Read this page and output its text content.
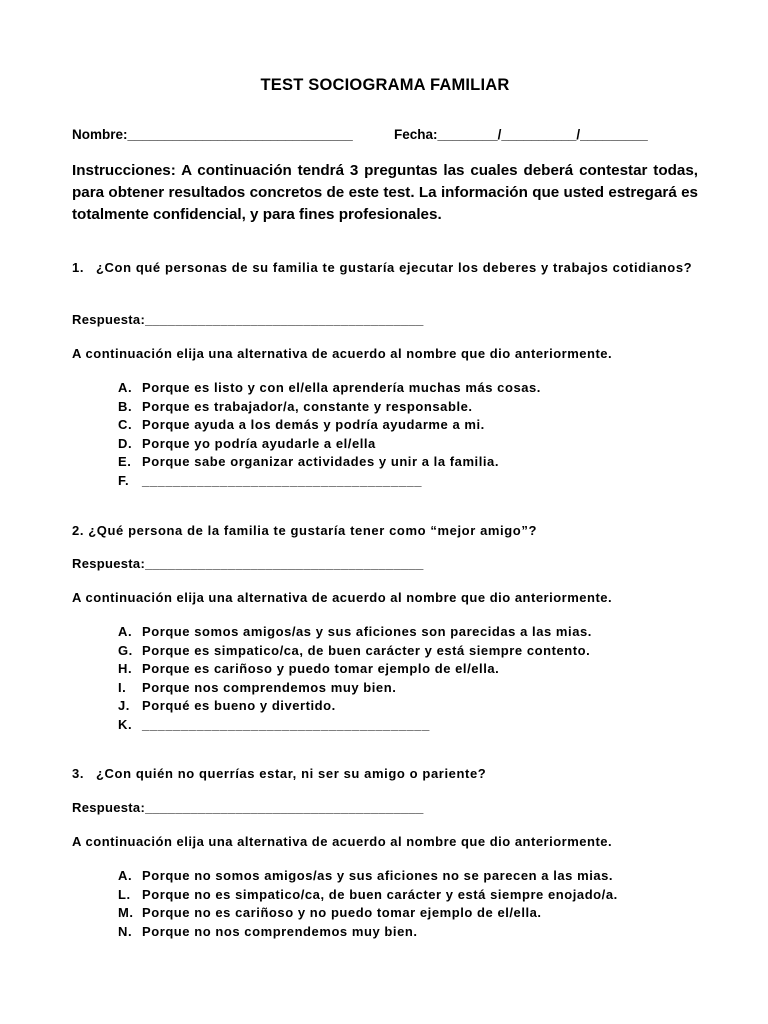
TEST SOCIOGRAMA FAMILIAR
Nombre:______________________________	Fecha:________/__________/_________
Instrucciones: A continuación tendrá 3 preguntas las cuales deberá contestar todas, para obtener resultados concretos de este test. La información que usted estregará es totalmente confidencial, y para fines profesionales.
1. ¿Con qué personas de su familia te gustaría ejecutar los deberes y trabajos cotidianos?
Respuesta:_____________________________________
A continuación elija una alternativa de acuerdo al nombre que dio anteriormente.
A. Porque es listo y con el/ella aprendería muchas más cosas.
B. Porque es trabajador/a, constante y responsable.
C. Porque ayuda a los demás y podría ayudarme a mi.
D. Porque yo podría ayudarle a el/ella
E. Porque sabe organizar actividades y unir a la familia.
F. ____________________________________
2. ¿Qué persona de la familia te gustaría tener como “mejor amigo”?
Respuesta:_____________________________________
A continuación elija una alternativa de acuerdo al nombre que dio anteriormente.
A. Porque somos amigos/as y sus aficiones son parecidas a las mias.
G. Porque es simpatico/ca, de buen carácter y está siempre contento.
H. Porque es cariñoso y puedo tomar ejemplo de el/ella.
I. Porque nos comprendemos muy bien.
J. Porqué es bueno y divertido.
K. _____________________________________
3. ¿Con quién no querrías estar, ni ser su amigo o pariente?
Respuesta:_____________________________________
A continuación elija una alternativa de acuerdo al nombre que dio anteriormente.
A. Porque no somos amigos/as y sus aficiones no se parecen a las mias.
L. Porque no es simpatico/ca, de buen carácter y está siempre enojado/a.
M. Porque no es cariñoso y no puedo tomar ejemplo de el/ella.
N. Porque no nos comprendemos muy bien.
